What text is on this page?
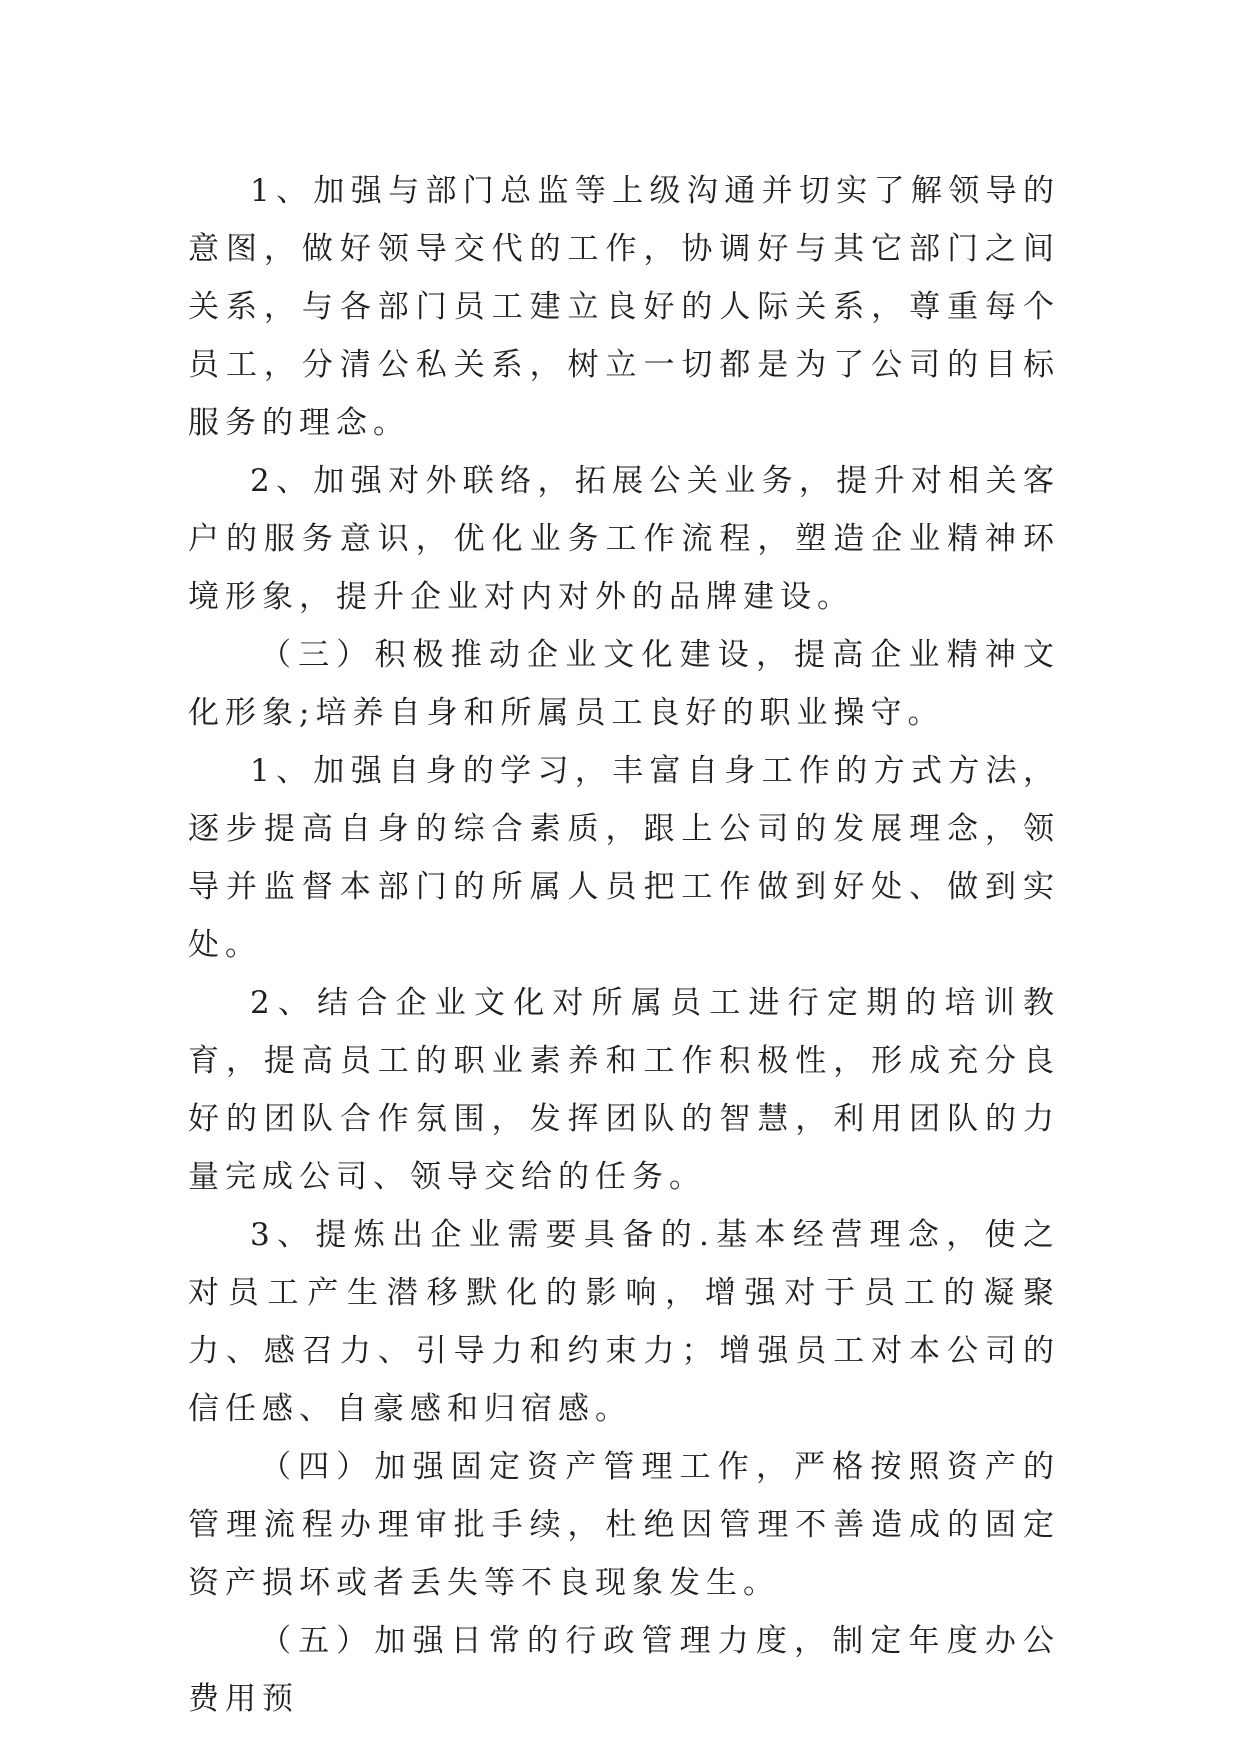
1、加强与部门总监等上级沟通并切实了解领导的意图，做好领导交代的工作，协调好与其它部门之间关系，与各部门员工建立良好的人际关系，尊重每个员工，分清公私关系，树立一切都是为了公司的目标服务的理念。

2、加强对外联络，拓展公关业务，提升对相关客户的服务意识，优化业务工作流程，塑造企业精神环境形象，提升企业对内对外的品牌建设。

（三）积极推动企业文化建设，提高企业精神文化形象;培养自身和所属员工良好的职业操守。

1、加强自身的学习，丰富自身工作的方式方法，逐步提高自身的综合素质，跟上公司的发展理念，领导并监督本部门的所属人员把工作做到好处、做到实处。

2、结合企业文化对所属员工进行定期的培训教育，提高员工的职业素养和工作积极性，形成充分良好的团队合作氛围，发挥团队的智慧，利用团队的力量完成公司、领导交给的任务。

3、提炼出企业需要具备的.基本经营理念，使之对员工产生潜移默化的影响，增强对于员工的凝聚力、感召力、引导力和约束力；增强员工对本公司的信任感、自豪感和归宿感。

（四）加强固定资产管理工作，严格按照资产的管理流程办理审批手续，杜绝因管理不善造成的固定资产损坏或者丢失等不良现象发生。

（五）加强日常的行政管理力度，制定年度办公费用预
